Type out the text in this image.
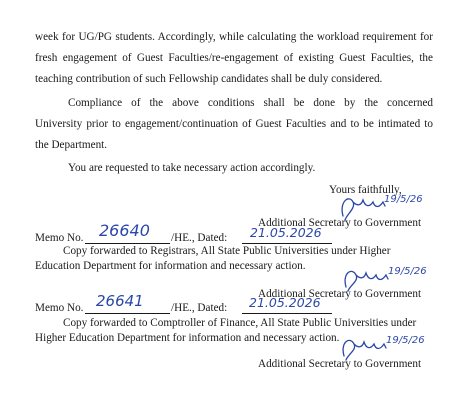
week for UG/PG students. Accordingly, while calculating the workload requirement for
fresh engagement of Guest Faculties/re-engagement of existing Guest Faculties, the
teaching contribution of such Fellowship candidates shall be duly considered.
Compliance of the above conditions shall be done by the concerned
University prior to engagement/continuation of Guest Faculties and to be intimated to
the Department.
You are requested to take necessary action accordingly.
Yours faithfully,
19/5/26
Additional Secretary to Government
Memo No. 26640 /HE., Dated: 21.05.2026
Copy forwarded to Registrars, All State Public Universities under Higher
Education Department for information and necessary action.	19/5/26
Additional Secretary to Government
Memo No. 26641 /HE., Dated: 21.05.2026
Copy forwarded to Comptroller of Finance, All State Public Universities under
Higher Education Department for information and necessary action.	19/5/26
Additional Secretary to Government
